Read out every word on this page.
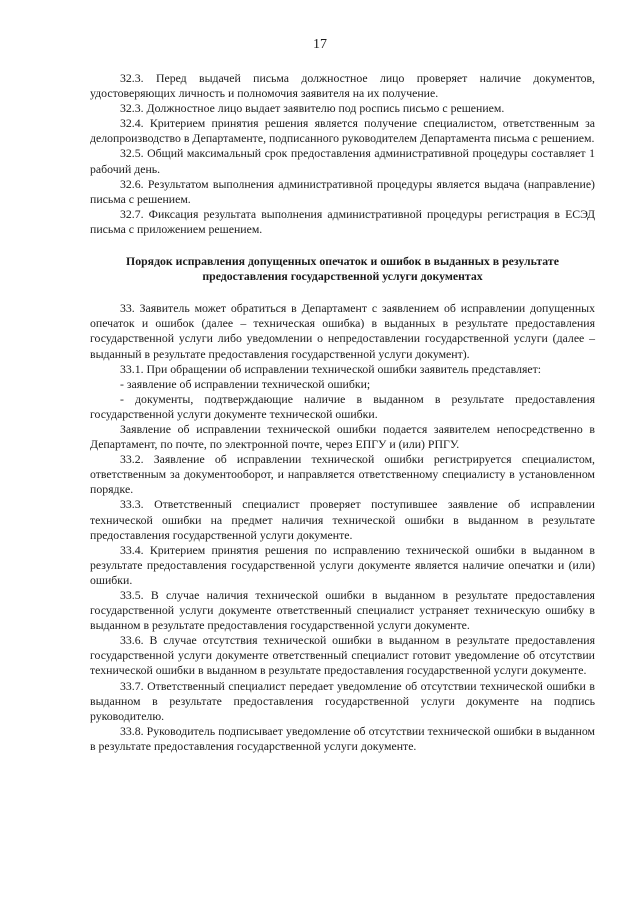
17

32.3. Перед выдачей письма должностное лицо проверяет наличие документов, удостоверяющих личность и полномочия заявителя на их получение.

32.3. Должностное лицо выдает заявителю под роспись письмо с решением.

32.4. Критерием принятия решения является получение специалистом, ответственным за делопроизводство в Департаменте, подписанного руководителем Департамента письма с решением.

32.5. Общий максимальный срок предоставления административной процедуры составляет 1 рабочий день.

32.6. Результатом выполнения административной процедуры является выдача (направление) письма с решением.

32.7. Фиксация результата выполнения административной процедуры регистрация в ЕСЭД письма с приложением решением.

Порядок исправления допущенных опечаток и ошибок в выданных в результате предоставления государственной услуги документах

33. Заявитель может обратиться в Департамент с заявлением об исправлении допущенных опечаток и ошибок (далее – техническая ошибка) в выданных в результате предоставления государственной услуги либо уведомлении о непредоставлении государственной услуги (далее – выданный в результате предоставления государственной услуги документ).

33.1. При обращении об исправлении технической ошибки заявитель представляет:

- заявление об исправлении технической ошибки;

- документы, подтверждающие наличие в выданном в результате предоставления государственной услуги документе технической ошибки.

Заявление об исправлении технической ошибки подается заявителем непосредственно в Департамент, по почте, по электронной почте, через ЕПГУ и (или) РПГУ.

33.2. Заявление об исправлении технической ошибки регистрируется специалистом, ответственным за документооборот, и направляется ответственному специалисту в установленном порядке.

33.3. Ответственный специалист проверяет поступившее заявление об исправлении технической ошибки на предмет наличия технической ошибки в выданном в результате предоставления государственной услуги документе.

33.4. Критерием принятия решения по исправлению технической ошибки в выданном в результате предоставления государственной услуги документе является наличие опечатки и (или) ошибки.

33.5. В случае наличия технической ошибки в выданном в результате предоставления государственной услуги документе ответственный специалист устраняет техническую ошибку в выданном в результате предоставления государственной услуги документе.

33.6. В случае отсутствия технической ошибки в выданном в результате предоставления государственной услуги документе ответственный специалист готовит уведомление об отсутствии технической ошибки в выданном в результате предоставления государственной услуги документе.

33.7. Ответственный специалист передает уведомление об отсутствии технической ошибки в выданном в результате предоставления государственной услуги документе на подпись руководителю.

33.8. Руководитель подписывает уведомление об отсутствии технической ошибки в выданном в результате предоставления государственной услуги документе.
